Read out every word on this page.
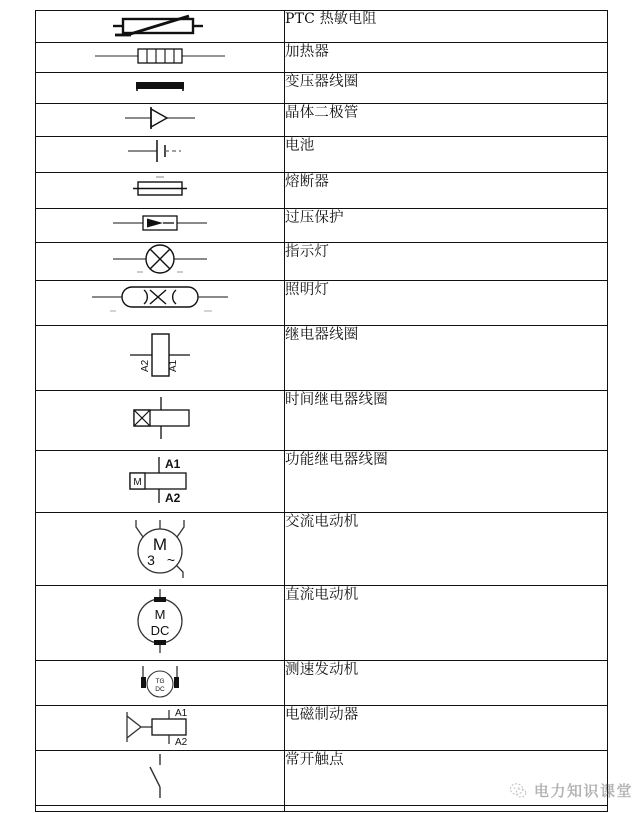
	PTC 热敏电阻

	加热器

	变压器线圈

	晶体二极管

	电池

	熔断器

	过压保护

	指示灯

	照明灯

A2 A1	继电器线圈

	时间继电器线圈

M
A1
A2	功能继电器线圈

M
3 ~	交流电动机

M
DC	直流电动机

TG
DC	测速发动机

A1
A2	电磁制动器

	常开触点

电力知识课堂
